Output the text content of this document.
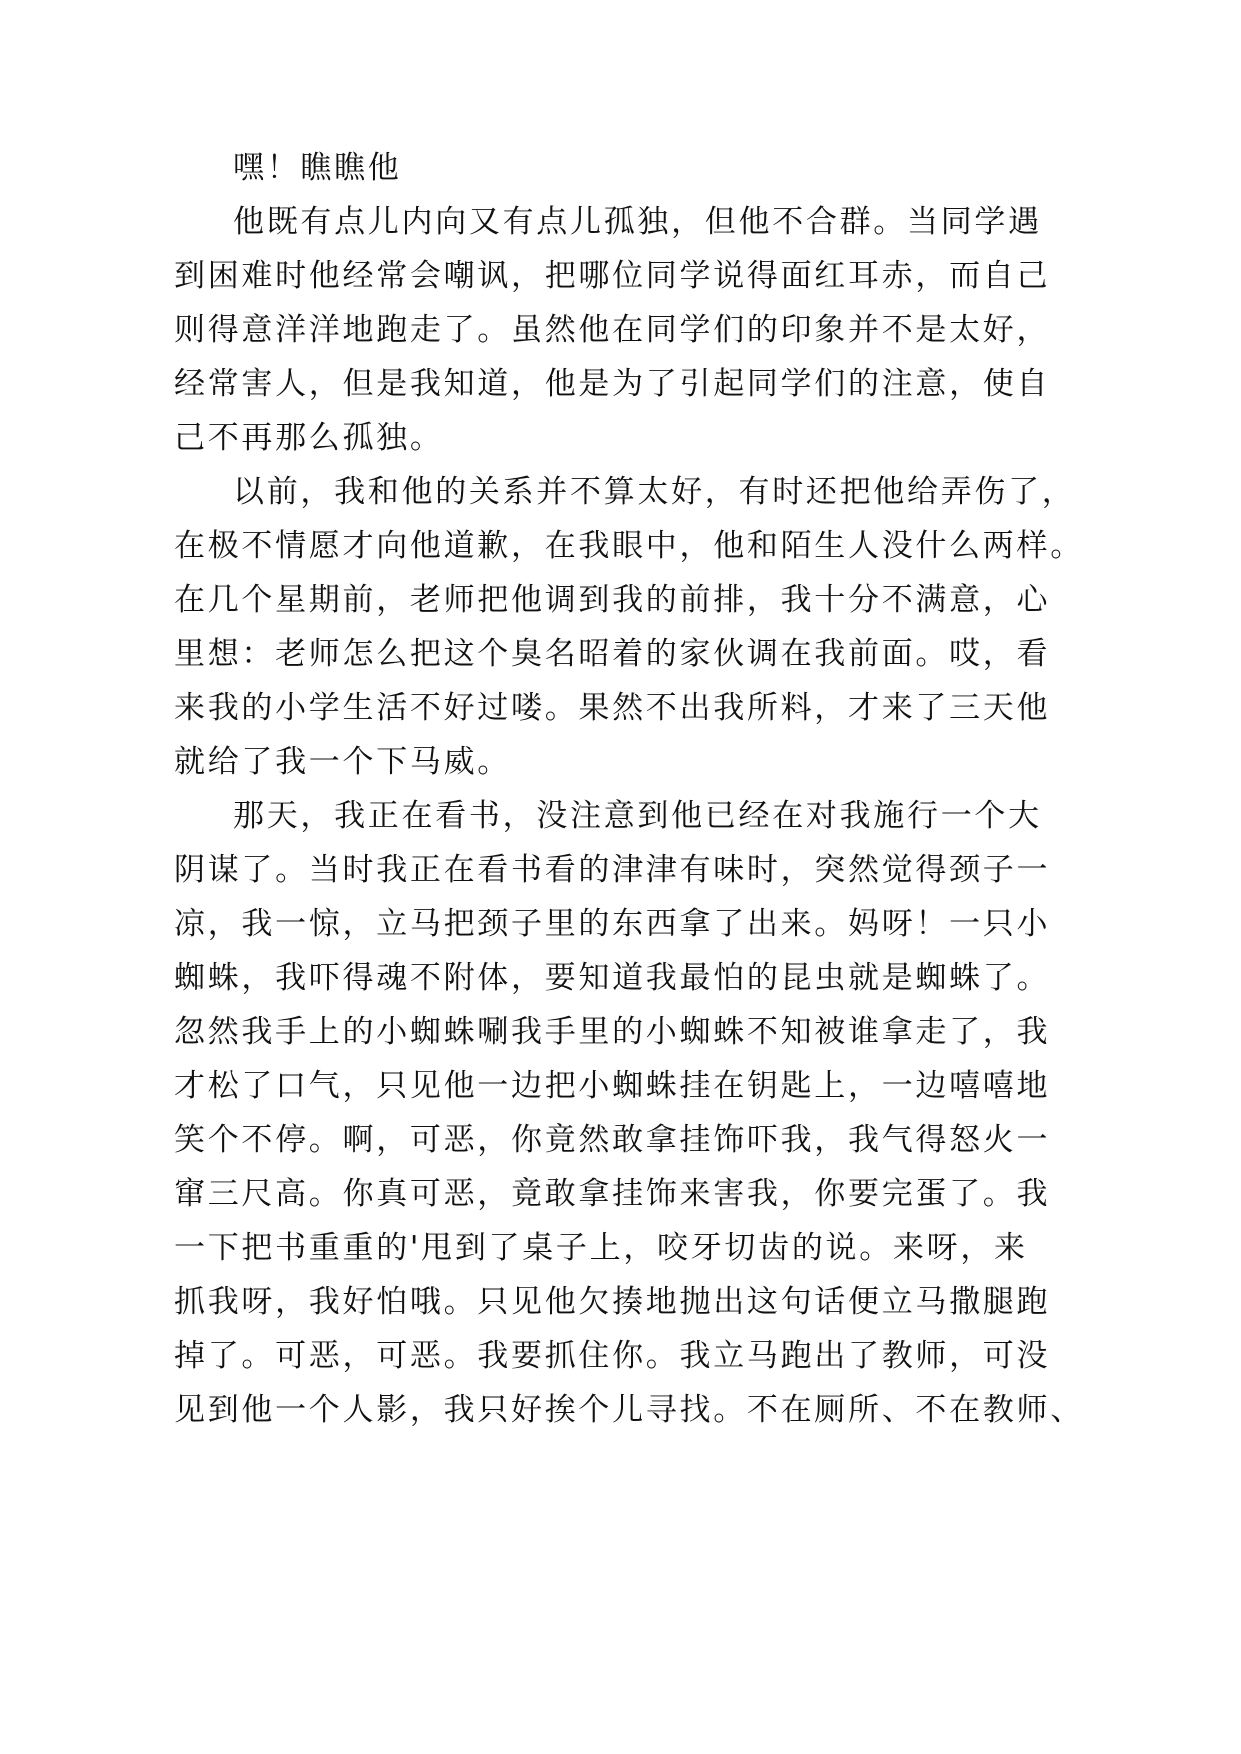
嘿！瞧瞧他
他既有点儿内向又有点儿孤独，但他不合群。当同学遇
到困难时他经常会嘲讽，把哪位同学说得面红耳赤，而自己
则得意洋洋地跑走了。虽然他在同学们的印象并不是太好，
经常害人，但是我知道，他是为了引起同学们的注意，使自
己不再那么孤独。
以前，我和他的关系并不算太好，有时还把他给弄伤了，
在极不情愿才向他道歉，在我眼中，他和陌生人没什么两样。
在几个星期前，老师把他调到我的前排，我十分不满意，心
里想：老师怎么把这个臭名昭着的家伙调在我前面。哎，看
来我的小学生活不好过喽。果然不出我所料，才来了三天他
就给了我一个下马威。
那天，我正在看书，没注意到他已经在对我施行一个大
阴谋了。当时我正在看书看的津津有味时，突然觉得颈子一
凉，我一惊，立马把颈子里的东西拿了出来。妈呀！一只小
蜘蛛，我吓得魂不附体，要知道我最怕的昆虫就是蜘蛛了。
忽然我手上的小蜘蛛唰我手里的小蜘蛛不知被谁拿走了，我
才松了口气，只见他一边把小蜘蛛挂在钥匙上，一边嘻嘻地
笑个不停。啊，可恶，你竟然敢拿挂饰吓我，我气得怒火一
窜三尺高。你真可恶，竟敢拿挂饰来害我，你要完蛋了。我
一下把书重重的'甩到了桌子上，咬牙切齿的说。来呀，来
抓我呀，我好怕哦。只见他欠揍地抛出这句话便立马撒腿跑
掉了。可恶，可恶。我要抓住你。我立马跑出了教师，可没
见到他一个人影，我只好挨个儿寻找。不在厕所、不在教师、
